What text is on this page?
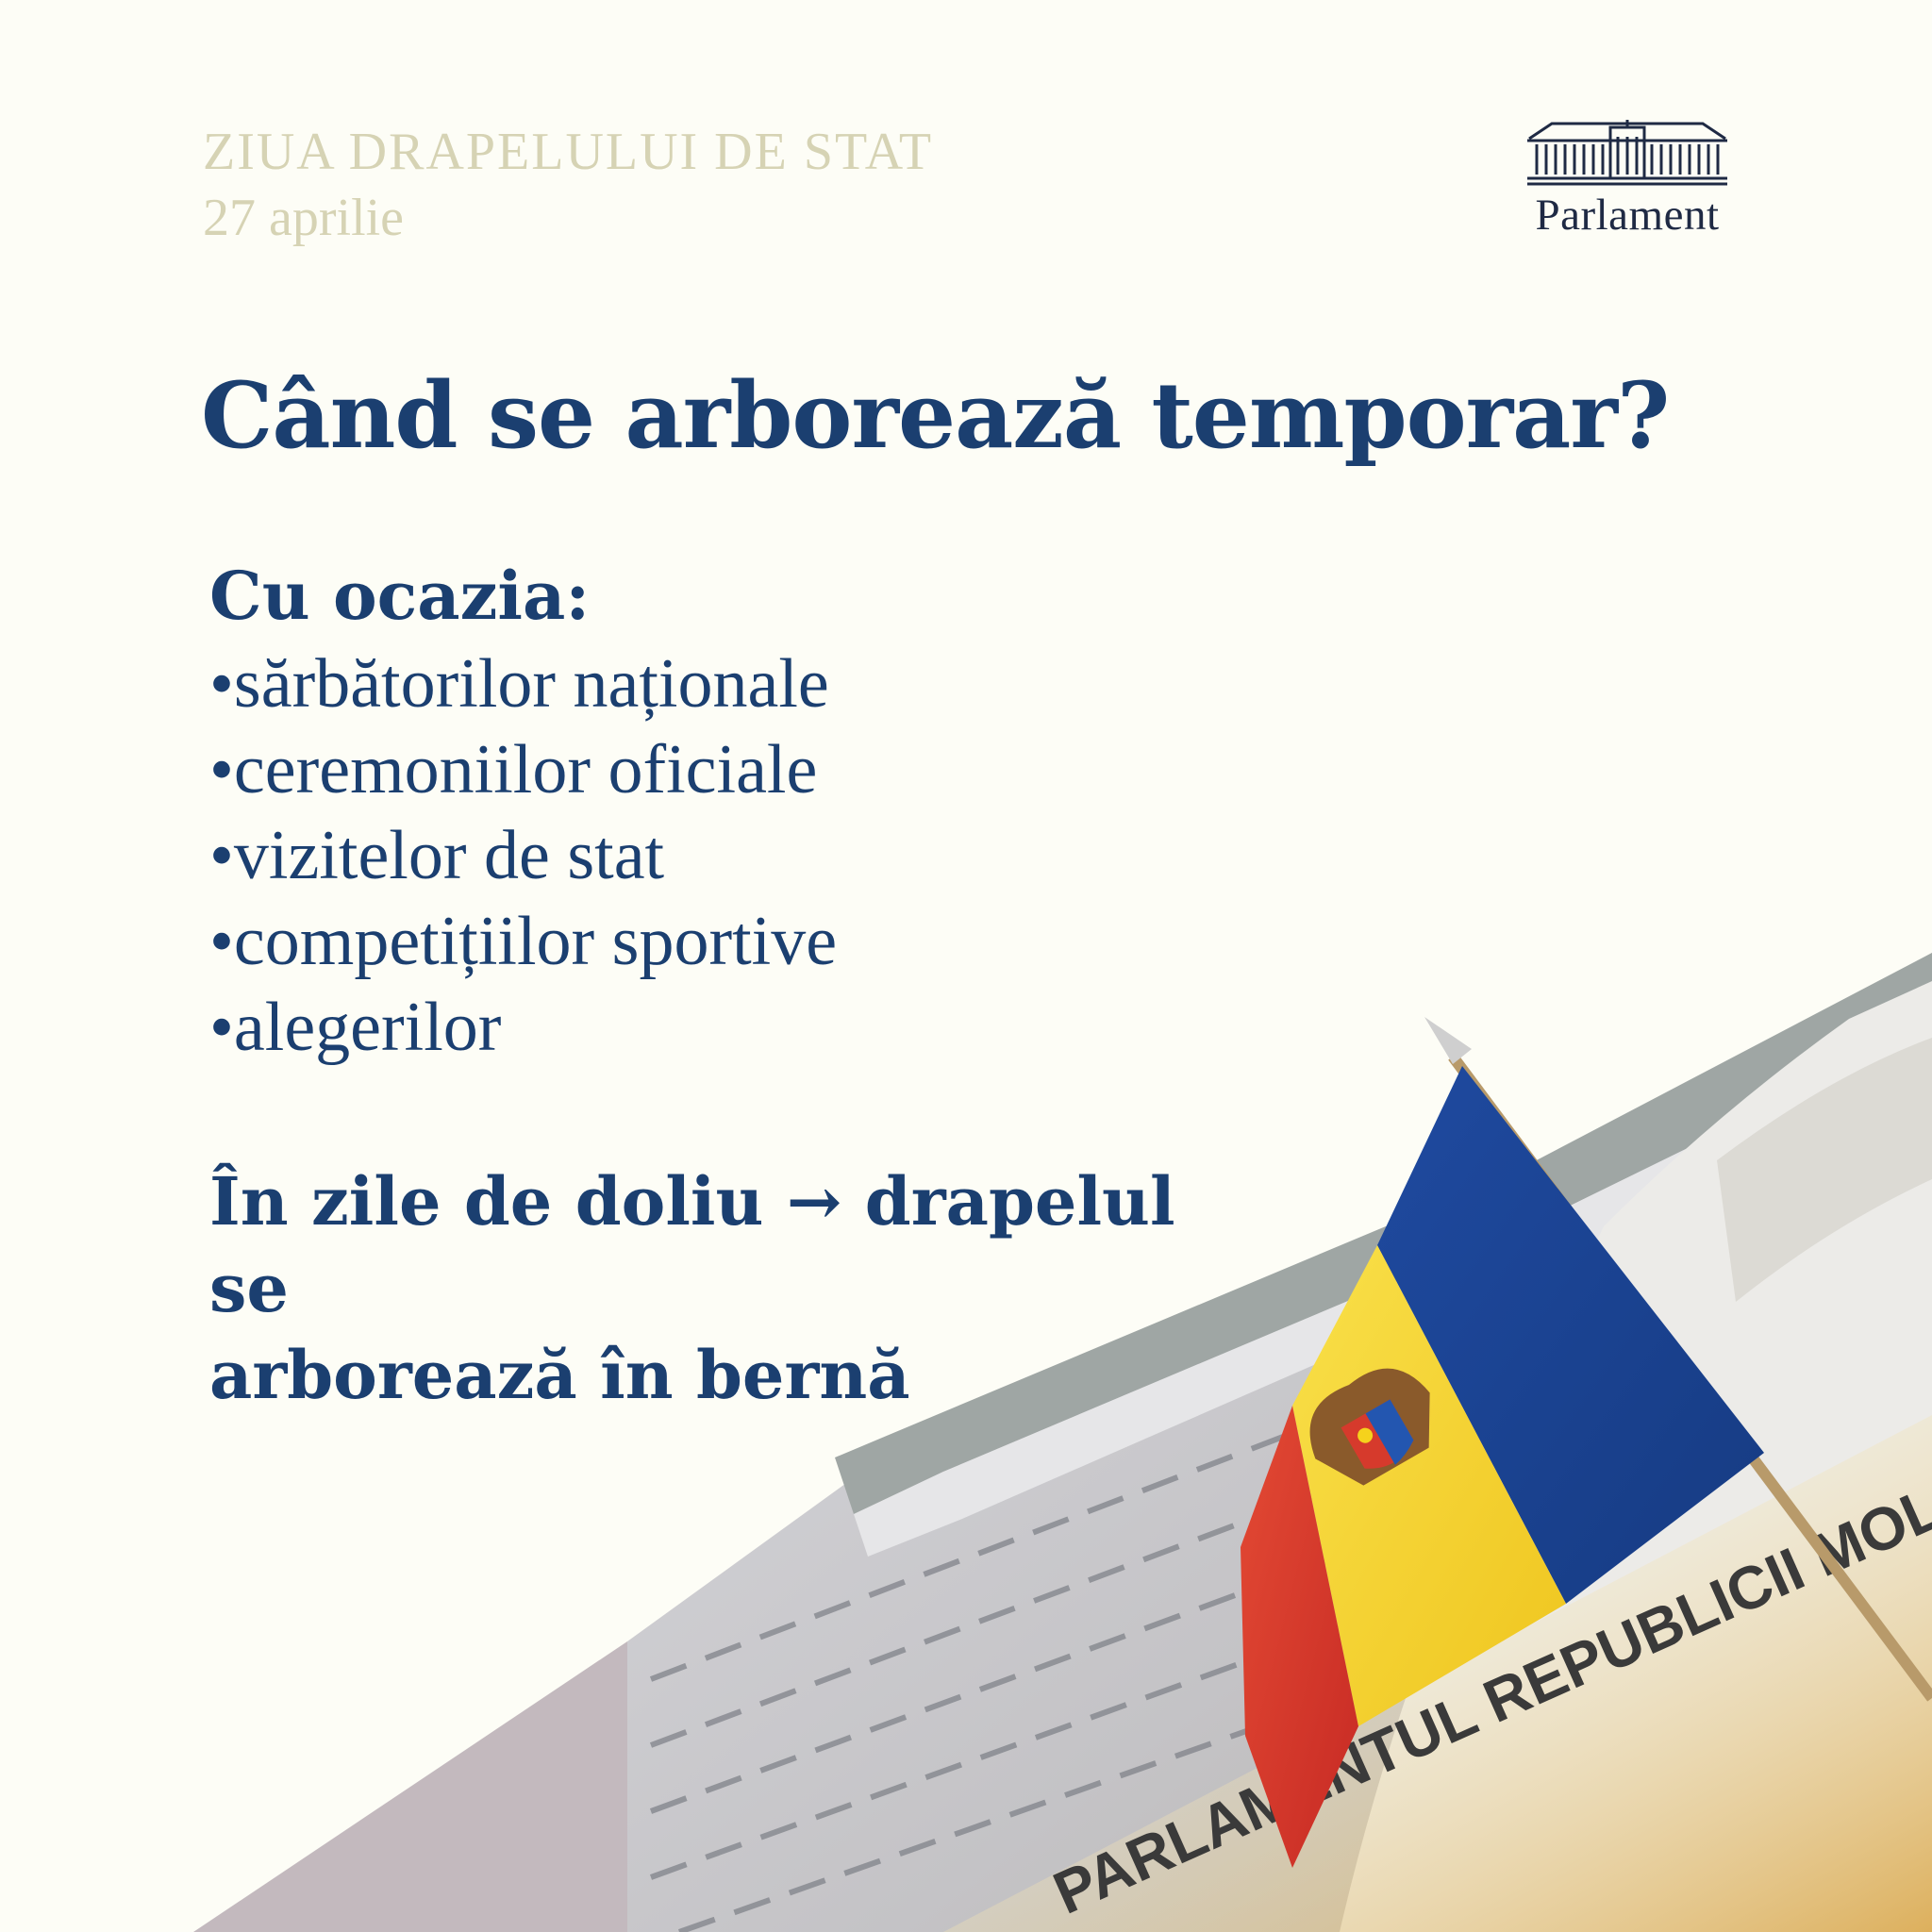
ZIUA DRAPELULUI DE STAT
27 aprilie	Parlament
Când se arborează temporar?
Cu ocazia:
•sărbătorilor naționale
•ceremoniilor oficiale
•vizitelor de stat
•competițiilor sportive
•alegerilor

În zile de doliu → drapelul se
arborează în bernă
